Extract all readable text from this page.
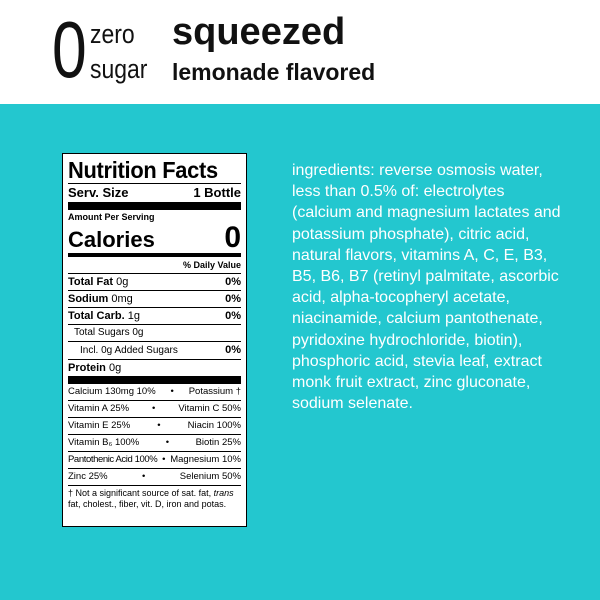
0 zero
sugar
squeezed
lemonade flavored
Nutrition Facts
Serv. Size	1 Bottle
Amount Per Serving
Calories 0
% Daily Value
Total Fat 0g	0%
Sodium 0mg	0%
Total Carb. 1g	0%
Total Sugars 0g
Incl. 0g Added Sugars	0%
Protein 0g
Calcium 130mg 10%	•	Potassium †
Vitamin A 25%	•	Vitamin C 50%
Vitamin E 25%	•	Niacin 100%
Vitamin B₆ 100%	•	Biotin 25%
Pantothenic Acid 100% • Magnesium 10%
Zinc 25%	•	Selenium 50%
† Not a significant source of sat. fat, trans fat, cholest., fiber, vit. D, iron and potas.
ingredients: reverse osmosis water, less than 0.5% of: electrolytes (calcium and magnesium lactates and potassium phosphate), citric acid, natural flavors, vitamins A, C, E, B3, B5, B6, B7 (retinyl palmitate, ascorbic acid, alpha-tocopheryl acetate, niacinamide, calcium pantothenate, pyridoxine hydrochloride, biotin), phosphoric acid, stevia leaf, extract monk fruit extract, zinc gluconate, sodium selenate.
